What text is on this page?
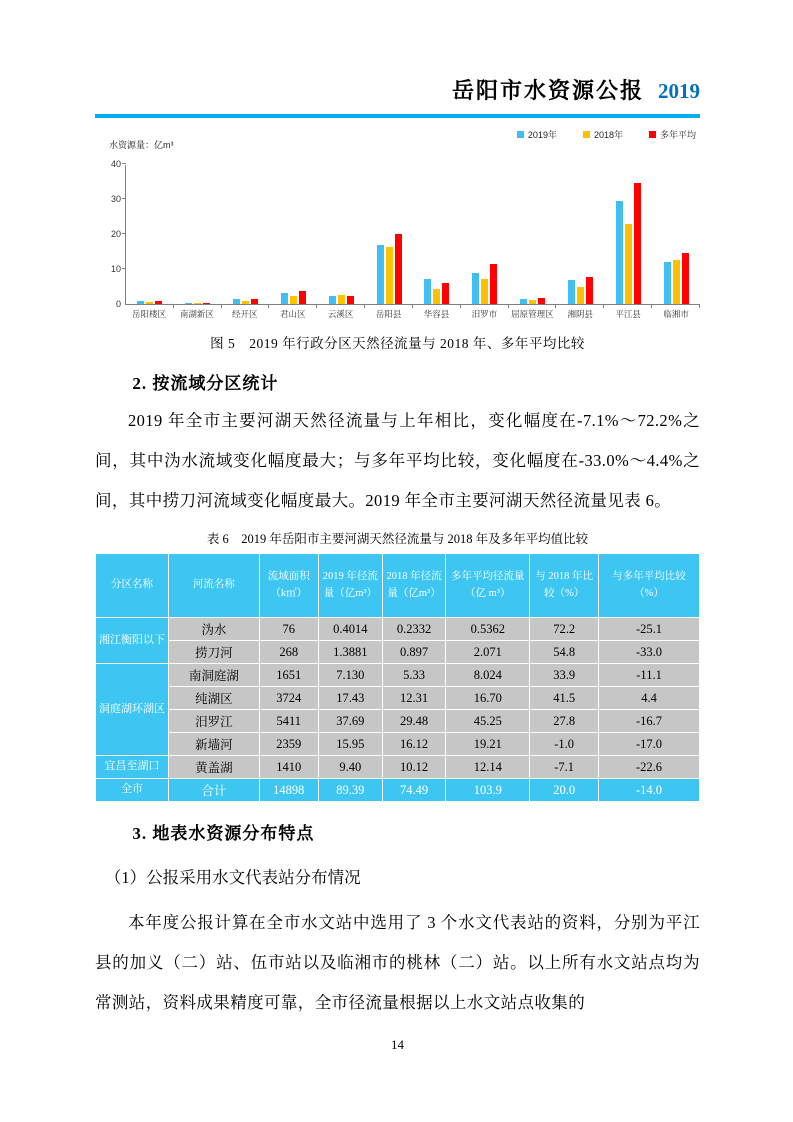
岳阳市水资源公报 2019
水资源量：亿m³
2019年	2018年	多年平均
0
10
20
30
40
岳阳楼区	南湖新区	经开区	君山区	云溪区	岳阳县	华容县	汨罗市	屈原管理区	湘阴县	平江县	临湘市
图 5　2019 年行政分区天然径流量与 2018 年、多年平均比较
2. 按流域分区统计
2019 年全市主要河湖天然径流量与上年相比，变化幅度在-7.1%～72.2%之间，其中沩水流域变化幅度最大；与多年平均比较，变化幅度在-33.0%～4.4%之间，其中捞刀河流域变化幅度最大。2019 年全市主要河湖天然径流量见表 6。
表 6　2019 年岳阳市主要河湖天然径流量与 2018 年及多年平均值比较
分区名称	河流名称	流域面积（k㎡）	2019 年径流量（亿m³）	2018 年径流量（亿m³）	多年平均径流量（亿 m³）	与 2018 年比较（%）	与多年平均比较（%）
湘江衡阳以下	沩水	76	0.4014	0.2332	0.5362	72.2	-25.1
	捞刀河	268	1.3881	0.897	2.071	54.8	-33.0
洞庭湖环湖区	南洞庭湖	1651	7.130	5.33	8.024	33.9	-11.1
	纯湖区	3724	17.43	12.31	16.70	41.5	4.4
	汨罗江	5411	37.69	29.48	45.25	27.8	-16.7
	新墙河	2359	15.95	16.12	19.21	-1.0	-17.0
宜昌至湖口	黄盖湖	1410	9.40	10.12	12.14	-7.1	-22.6
全市	合计	14898	89.39	74.49	103.9	20.0	-14.0
3. 地表水资源分布特点
（1）公报采用水文代表站分布情况
本年度公报计算在全市水文站中选用了 3 个水文代表站的资料，分别为平江县的加义（二）站、伍市站以及临湘市的桃林（二）站。以上所有水文站点均为常测站，资料成果精度可靠，全市径流量根据以上水文站点收集的
14
